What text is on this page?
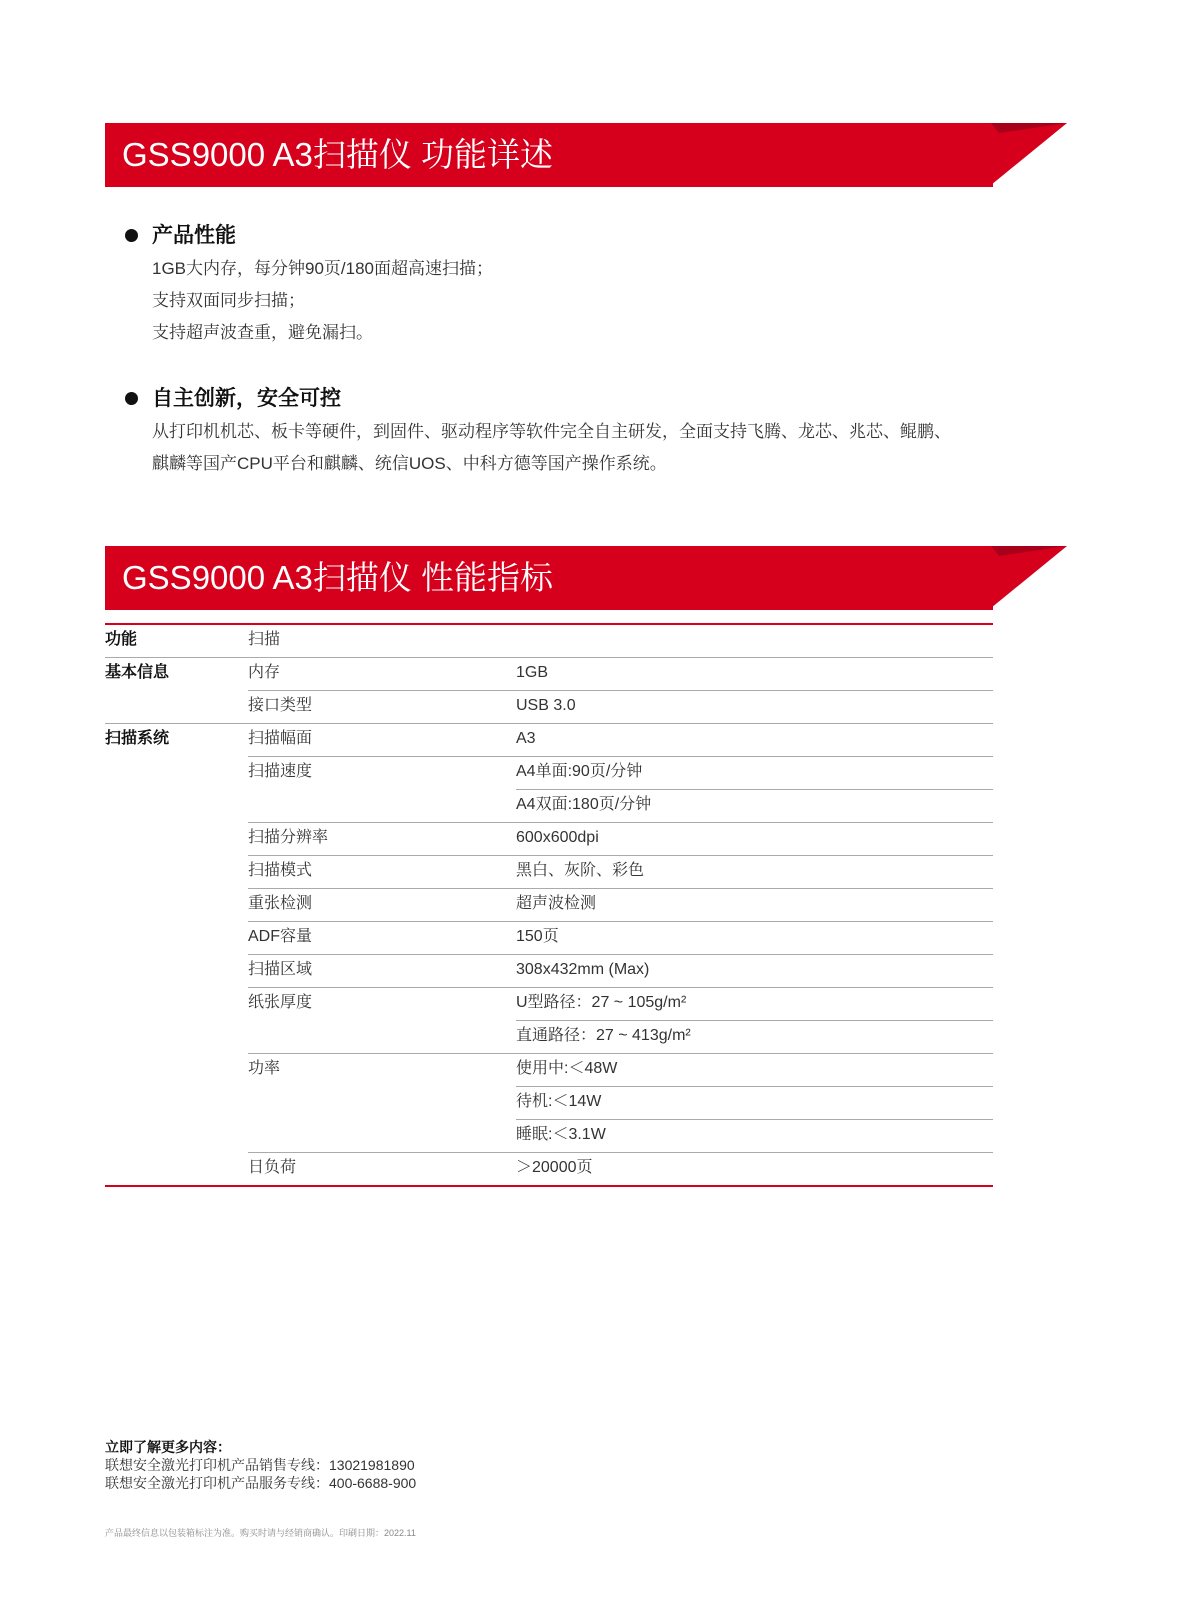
GSS9000 A3扫描仪 功能详述
产品性能
1GB大内存，每分钟90页/180面超高速扫描；
支持双面同步扫描；
支持超声波查重，避免漏扫。
自主创新，安全可控
从打印机机芯、板卡等硬件，到固件、驱动程序等软件完全自主研发，全面支持飞腾、龙芯、兆芯、鲲鹏、
麒麟等国产CPU平台和麒麟、统信UOS、中科方德等国产操作系统。
GSS9000 A3扫描仪 性能指标
功能	扫描	
基本信息	内存	1GB
	接口类型	USB 3.0
扫描系统	扫描幅面	A3
	扫描速度	A4单面:90页/分钟
		A4双面:180页/分钟
	扫描分辨率	600x600dpi
	扫描模式	黑白、灰阶、彩色
	重张检测	超声波检测
	ADF容量	150页
	扫描区域	308x432mm (Max)
	纸张厚度	U型路径：27 ~ 105g/m²
		直通路径：27 ~ 413g/m²
	功率	使用中:＜48W
		待机:＜14W
		睡眠:＜3.1W
	日负荷	＞20000页
立即了解更多内容：
联想安全激光打印机产品销售专线：13021981890
联想安全激光打印机产品服务专线：400-6688-900
产品最终信息以包装箱标注为准。购买时请与经销商确认。印刷日期：2022.11
